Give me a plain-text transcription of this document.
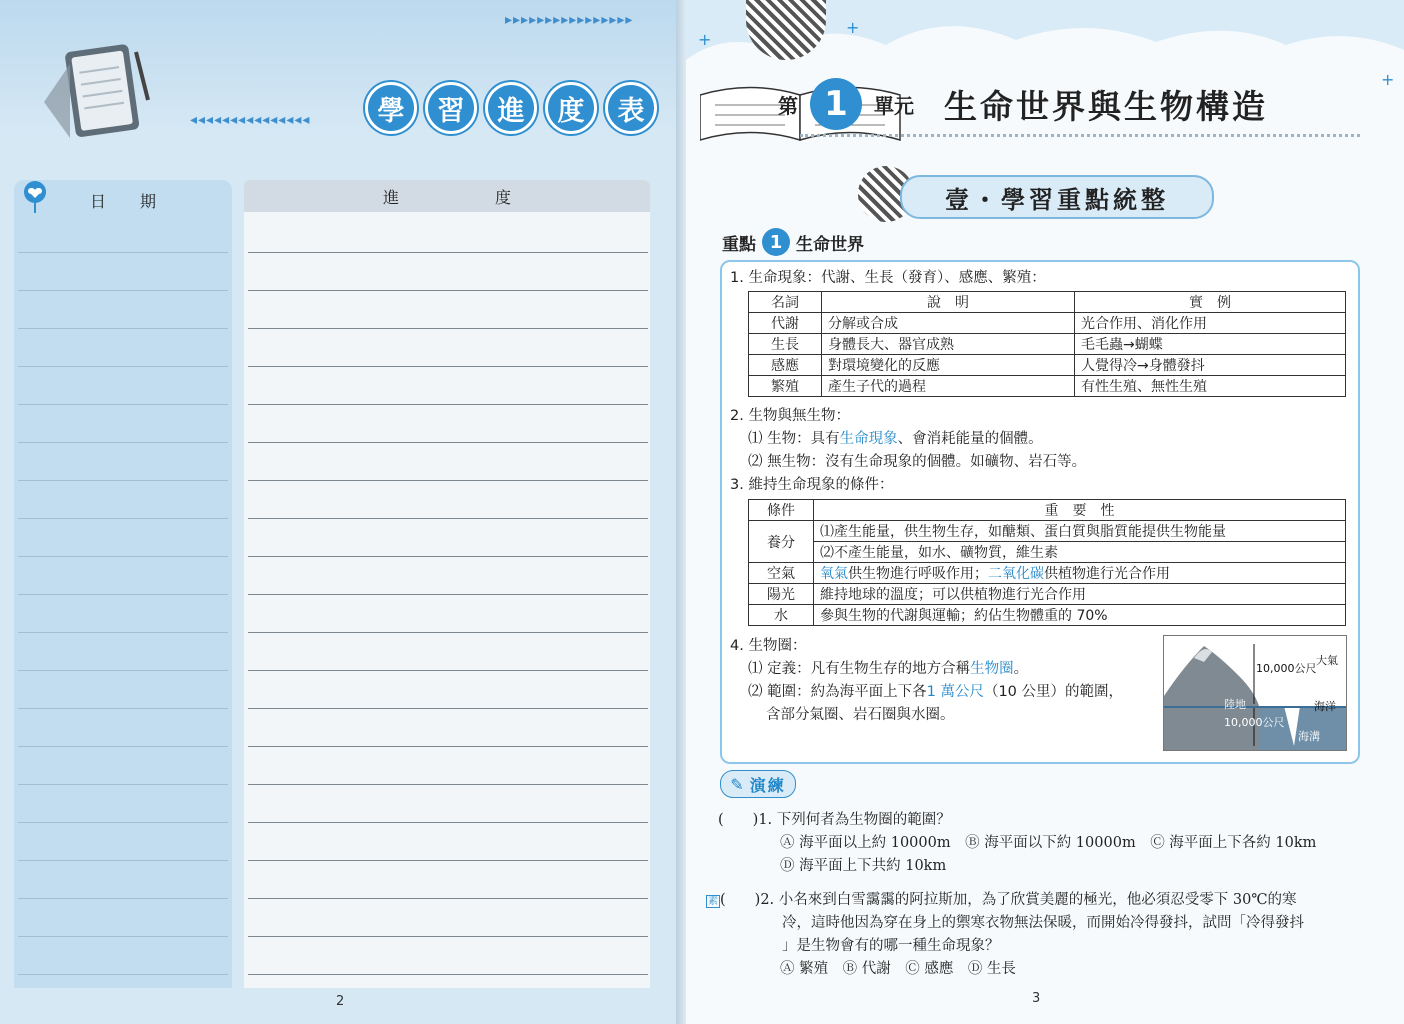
▸▸▸▸▸▸▸▸▸▸▸▸▸▸▸▸
◂◂◂◂◂◂◂◂◂◂◂◂◂◂◂	學	習	進	度	表
日 期	進	度
2
+
+
+
第 1	單元 生命世界與生物構造
壹・學習重點統整
重點 1 生命世界
1. 生命現象：代謝、生長（發育）、感應、繁殖：
名詞	說　明	實　例
代謝	分解或合成	光合作用、消化作用
生長	身體長大、器官成熟	毛毛蟲→蝴蝶
感應	對環境變化的反應	人覺得冷→身體發抖
繁殖	產生子代的過程	有性生殖、無性生殖
2. 生物與無生物：
⑴ 生物：具有生命現象、會消耗能量的個體。
⑵ 無生物：沒有生命現象的個體。如礦物、岩石等。
3. 維持生命現象的條件：
條件	重　要　性
養分	⑴產生能量，供生物生存，如醣類、蛋白質與脂質能提供生物能量
	⑵不產生能量，如水、礦物質，維生素
空氣	氧氣供生物進行呼吸作用；二氧化碳供植物進行光合作用
陽光	維持地球的溫度；可以供植物進行光合作用
水	參與生物的代謝與運輸；約佔生物體重的 70%
4. 生物圈：
⑴ 定義：凡有生物生存的地方合稱生物圈。
⑵ 範圍：約為海平面上下各1 萬公尺（10 公里）的範圍，
含部分氣圈、岩石圈與水圈。
大氣
10,000公尺
陸地
10,000公尺
海洋
海溝
✎ 演練
(　　)1. 下列何者為生物圈的範圍？
Ⓐ 海平面以上約 10000m　Ⓑ 海平面以下約 10000m　Ⓒ 海平面上下各約 10km
Ⓓ 海平面上下共約 10km
素 (　　)2. 小名來到白雪靄靄的阿拉斯加，為了欣賞美麗的極光，他必須忍受零下 30℃的寒
冷，這時他因為穿在身上的禦寒衣物無法保暖，而開始冷得發抖，試問「冷得發抖
」是生物會有的哪一種生命現象？
Ⓐ 繁殖　Ⓑ 代謝　Ⓒ 感應　Ⓓ 生長
3
